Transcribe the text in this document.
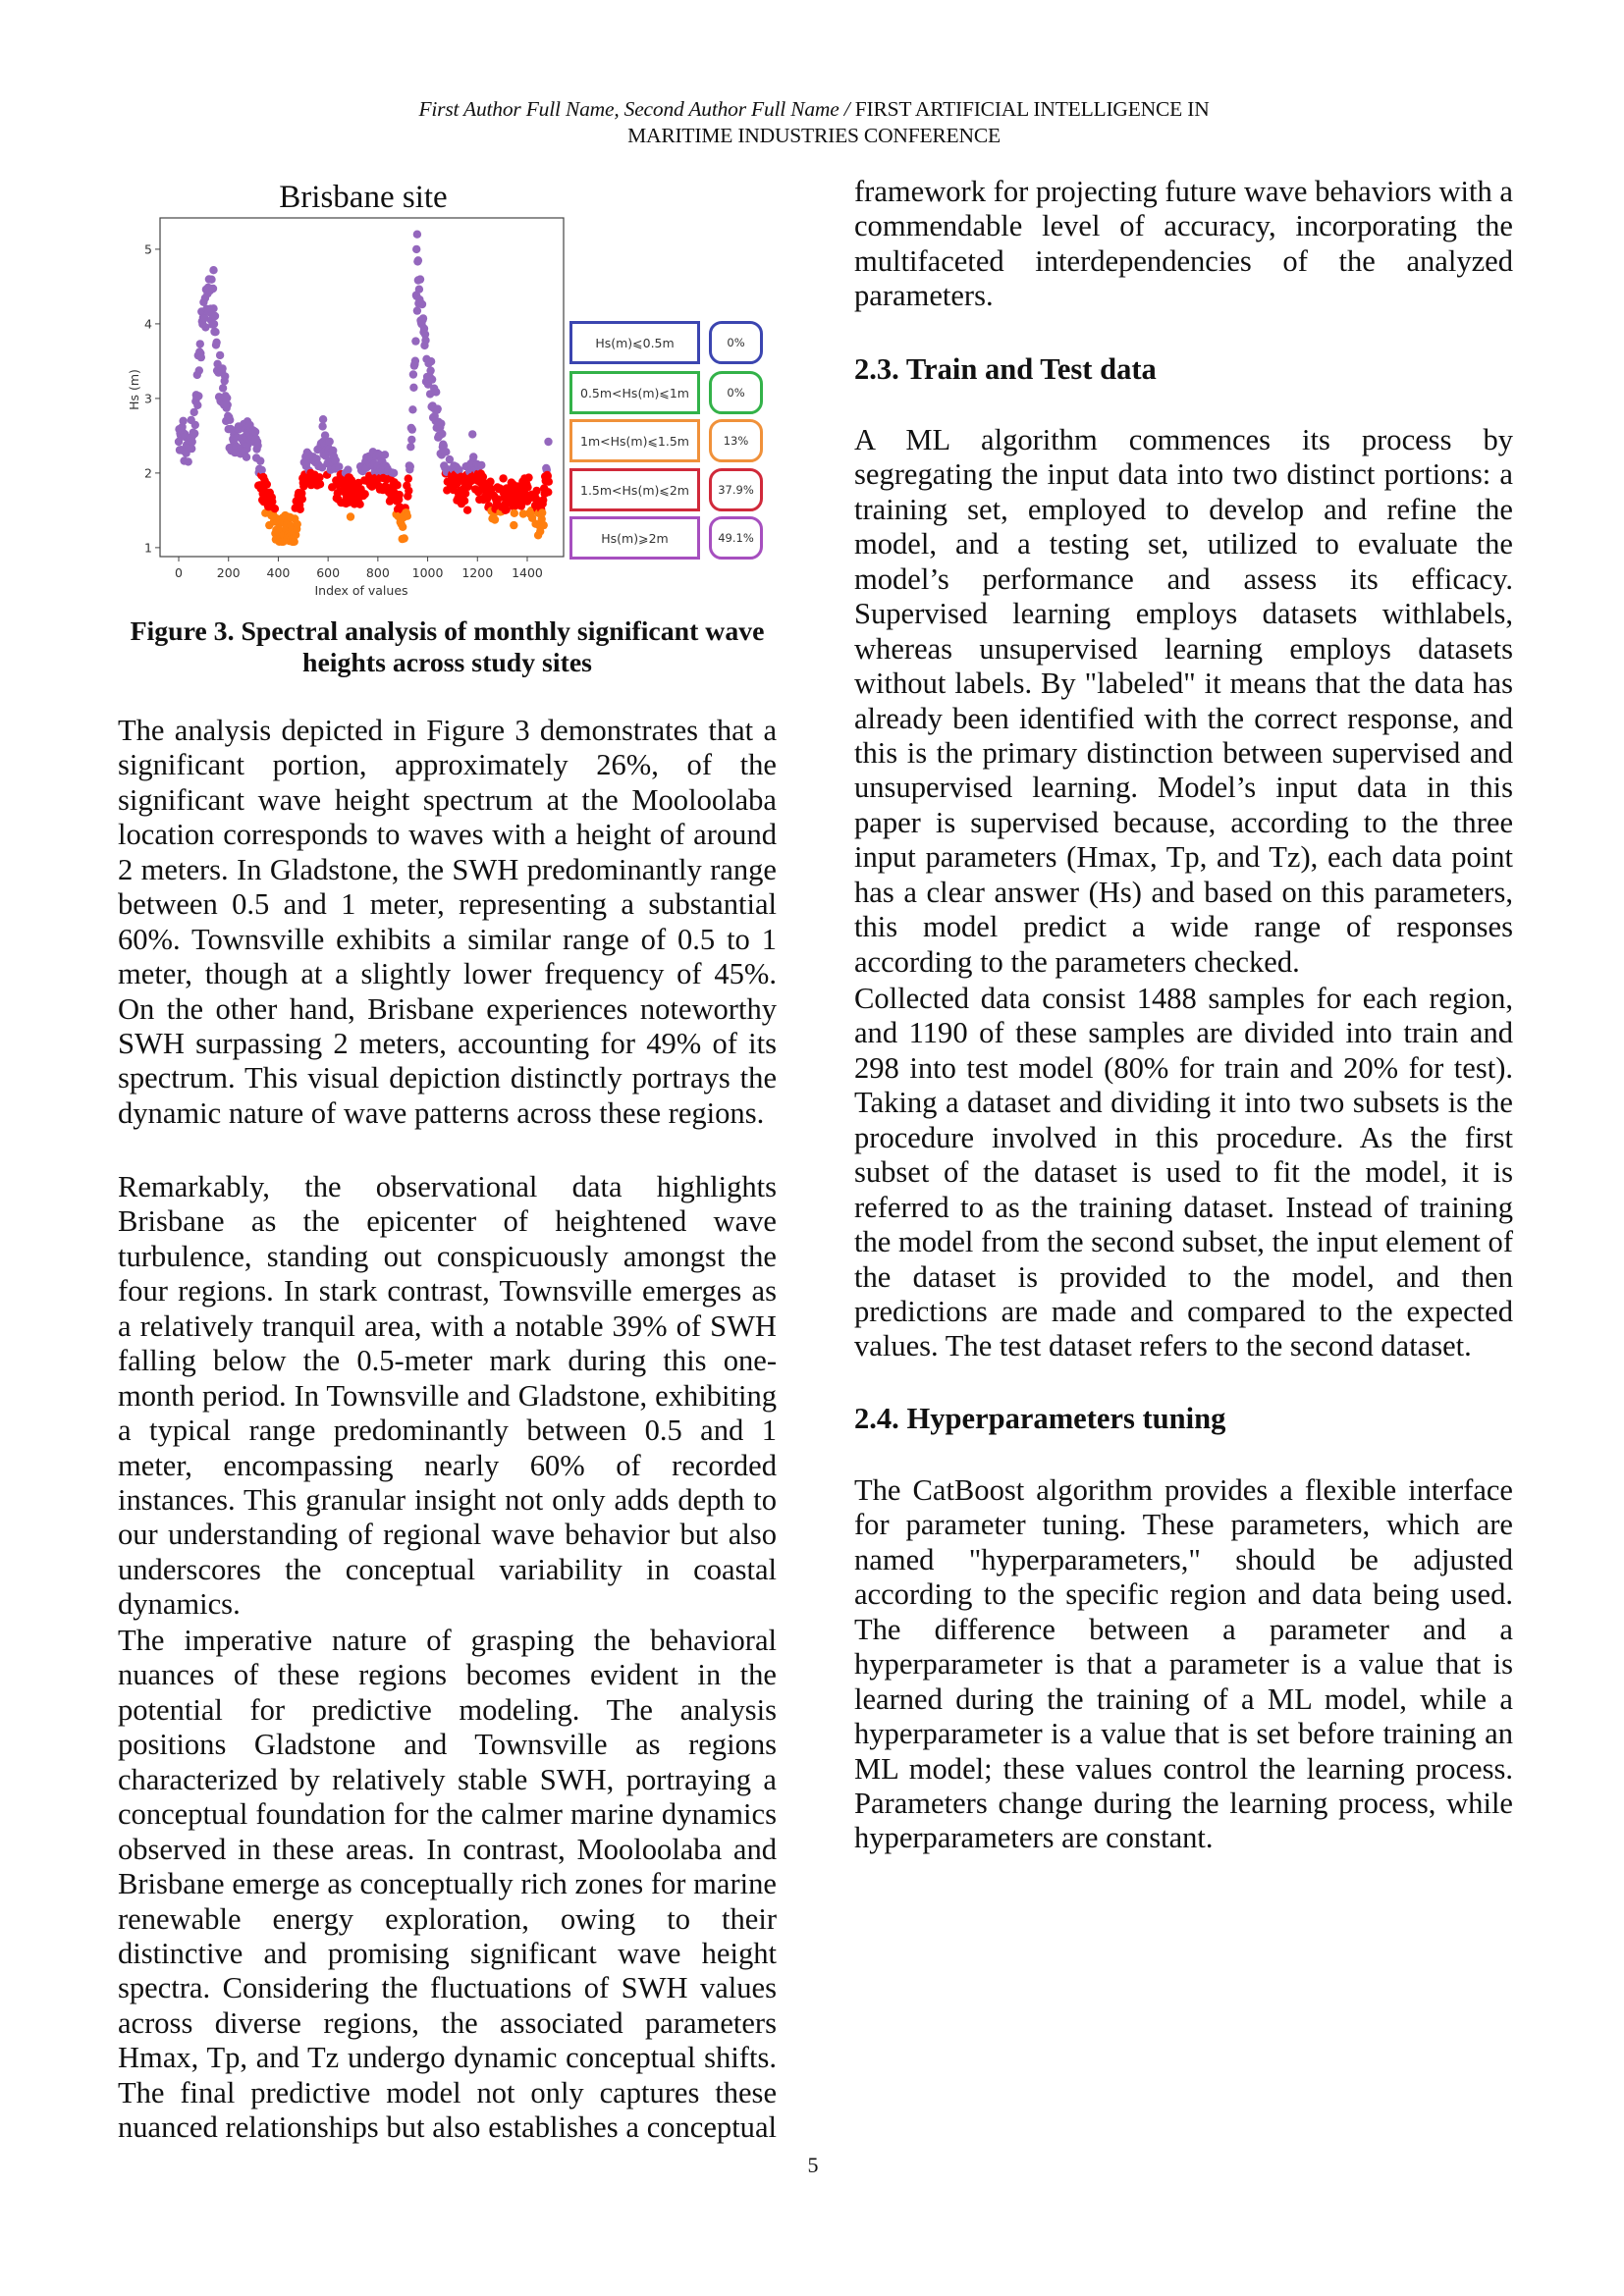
First Author Full Name, Second Author Full Name / FIRST ARTIFICIAL INTELLIGENCE IN
MARITIME INDUSTRIES CONFERENCE
Brisbane site
1
2
3
4
5
0	200 400 600 800 1000 1200 1400
Hs (m)
Index of values
Hs(m)⩽0.5m	0%
0.5m<Hs(m)⩽1m	0%
1m<Hs(m)⩽1.5m	13%
1.5m<Hs(m)⩽2m	37.9%
Hs(m)⩾2m	49.1%

Figure 3. Spectral analysis of monthly significant wave heights across study sites

The analysis depicted in Figure 3 demonstrates that a significant portion, approximately 26%, of the significant wave height spectrum at the Mooloolaba location corresponds to waves with a height of around 2 meters. In Gladstone, the SWH predominantly range between 0.5 and 1 meter, representing a substantial 60%. Townsville exhibits a similar range of 0.5 to 1 meter, though at a slightly lower frequency of 45%. On the other hand, Brisbane experiences noteworthy SWH surpassing 2 meters, accounting for 49% of its spectrum. This visual depiction distinctly portrays the dynamic nature of wave patterns across these regions.

Remarkably, the observational data highlights Brisbane as the epicenter of heightened wave turbulence, standing out conspicuously amongst the four regions. In stark contrast, Townsville emerges as a relatively tranquil area, with a notable 39% of SWH falling below the 0.5-meter mark during this one-month period. In Townsville and Gladstone, exhibiting a typical range predominantly between 0.5 and 1 meter, encompassing nearly 60% of recorded instances. This granular insight not only adds depth to our understanding of regional wave behavior but also underscores the conceptual variability in coastal dynamics.

The imperative nature of grasping the behavioral nuances of these regions becomes evident in the potential for predictive modeling. The analysis positions Gladstone and Townsville as regions characterized by relatively stable SWH, portraying a conceptual foundation for the calmer marine dynamics observed in these areas. In contrast, Mooloolaba and Brisbane emerge as conceptually rich zones for marine renewable energy exploration, owing to their distinctive and promising significant wave height spectra. Considering the fluctuations of SWH values across diverse regions, the associated parameters Hmax, Tp, and Tz undergo dynamic conceptual shifts. The final predictive model not only captures these nuanced relationships but also establishes a conceptual

framework for projecting future wave behaviors with a commendable level of accuracy, incorporating the multifaceted interdependencies of the analyzed parameters.

2.3. Train and Test data

A ML algorithm commences its process by segregating the input data into two distinct portions: a training set, employed to develop and refine the model, and a testing set, utilized to evaluate the model’s performance and assess its efficacy. Supervised learning employs datasets withlabels, whereas unsupervised learning employs datasets without labels. By "labeled" it means that the data has already been identified with the correct response, and this is the primary distinction between supervised and unsupervised learning. Model’s input data in this paper is supervised because, according to the three input parameters (Hmax, Tp, and Tz), each data point has a clear answer (Hs) and based on this parameters, this model predict a wide range of responses according to the parameters checked.

Collected data consist 1488 samples for each region, and 1190 of these samples are divided into train and 298 into test model (80% for train and 20% for test). Taking a dataset and dividing it into two subsets is the procedure involved in this procedure. As the first subset of the dataset is used to fit the model, it is referred to as the training dataset. Instead of training the model from the second subset, the input element of the dataset is provided to the model, and then predictions are made and compared to the expected values. The test dataset refers to the second dataset.

2.4. Hyperparameters tuning

The CatBoost algorithm provides a flexible interface for parameter tuning. These parameters, which are named "hyperparameters," should be adjusted according to the specific region and data being used. The difference between a parameter and a hyperparameter is that a parameter is a value that is learned during the training of a ML model, while a hyperparameter is a value that is set before training an ML model; these values control the learning process. Parameters change during the learning process, while hyperparameters are constant.

5
